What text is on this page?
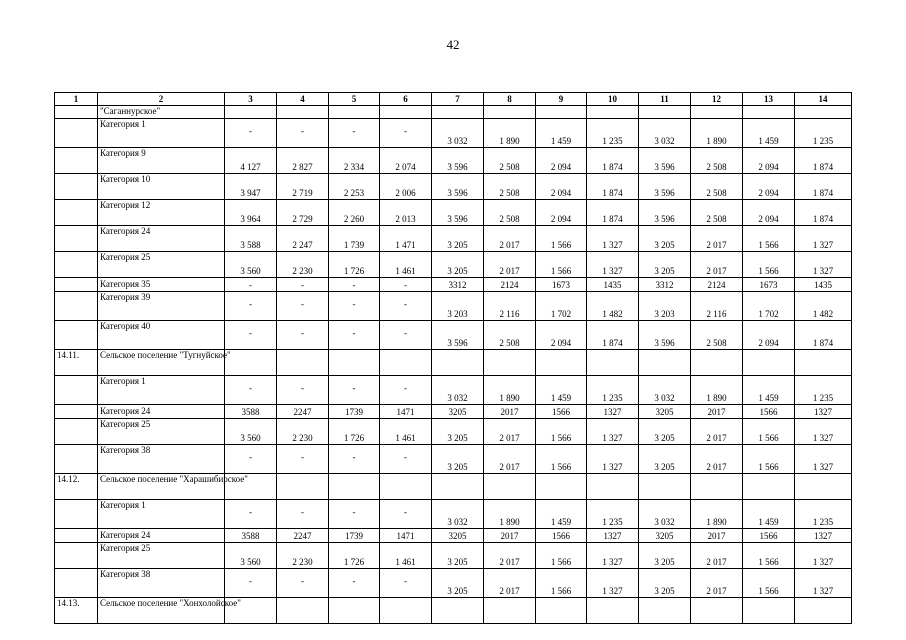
42
1	2	3	4	5	6	7	8	9	10	11	12	13	14
	"Саганнурское"												
	Категория 1	-	-	-	-	3 032	1 890	1 459	1 235	3 032	1 890	1 459	1 235
	Категория 9	4 127	2 827	2 334	2 074	3 596	2 508	2 094	1 874	3 596	2 508	2 094	1 874
	Категория 10	3 947	2 719	2 253	2 006	3 596	2 508	2 094	1 874	3 596	2 508	2 094	1 874
	Категория 12	3 964	2 729	2 260	2 013	3 596	2 508	2 094	1 874	3 596	2 508	2 094	1 874
	Категория 24	3 588	2 247	1 739	1 471	3 205	2 017	1 566	1 327	3 205	2 017	1 566	1 327
	Категория 25	3 560	2 230	1 726	1 461	3 205	2 017	1 566	1 327	3 205	2 017	1 566	1 327
	Категория 35	-	-	-	-	3312	2124	1673	1435	3312	2124	1673	1435
	Категория 39	-	-	-	-	3 203	2 116	1 702	1 482	3 203	2 116	1 702	1 482
	Категория 40	-	-	-	-	3 596	2 508	2 094	1 874	3 596	2 508	2 094	1 874
14.11.	Сельское поселение "Тугнуйское"												
	Категория 1	-	-	-	-	3 032	1 890	1 459	1 235	3 032	1 890	1 459	1 235
	Категория 24	3588	2247	1739	1471	3205	2017	1566	1327	3205	2017	1566	1327
	Категория 25	3 560	2 230	1 726	1 461	3 205	2 017	1 566	1 327	3 205	2 017	1 566	1 327
	Категория 38	-	-	-	-	3 205	2 017	1 566	1 327	3 205	2 017	1 566	1 327
14.12.	Сельское поселение "Харашибирское"												
	Категория 1	-	-	-	-	3 032	1 890	1 459	1 235	3 032	1 890	1 459	1 235
	Категория 24	3588	2247	1739	1471	3205	2017	1566	1327	3205	2017	1566	1327
	Категория 25	3 560	2 230	1 726	1 461	3 205	2 017	1 566	1 327	3 205	2 017	1 566	1 327
	Категория 38	-	-	-	-	3 205	2 017	1 566	1 327	3 205	2 017	1 566	1 327
14.13.	Сельское поселение "Хонхолойское"												
